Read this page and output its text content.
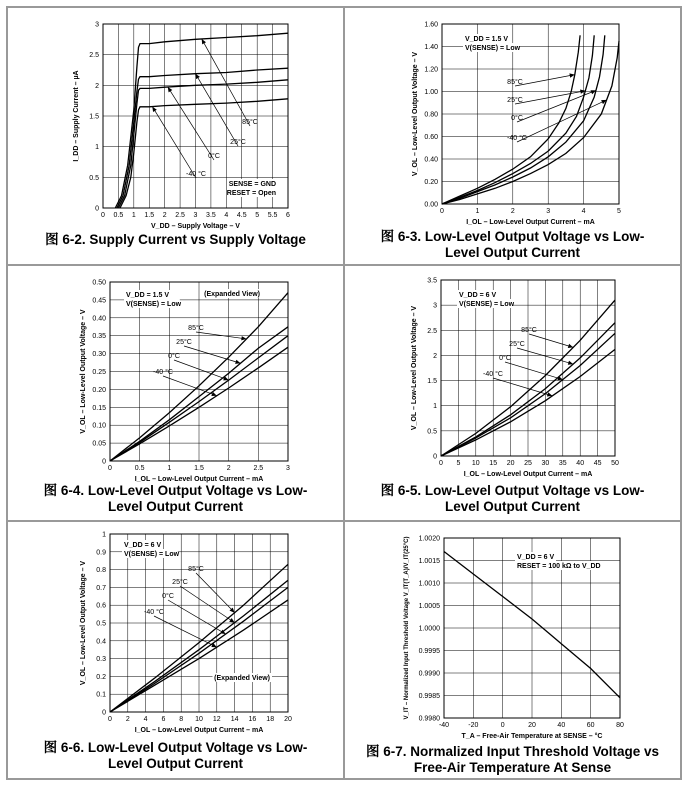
0 0.5 1 1.5 2 2.5 3 3.5 4 4.5 5 5.5 6
0
0.5
1
1.5
2
2.5
3
V_DD – Supply Voltage – V
I_DD – Supply Current – µA	85°C
25°C
0°C
-40 °C
SENSE = GND
RESET = Open
图 6-2. Supply Current vs Supply Voltage
0	1	2	3	4	5
0.00
0.20
0.40
0.60
0.80
1.00
1.20
1.40
1.60
I_OL – Low-Level Output Current – mA
V_OL – Low-Level Output Voltage – V
V_DD = 1.5 V
V(SENSE) = Low
85°C
25°C
0°C
-40 °C
图 6-3. Low-Level Output Voltage vs Low-Level Output Current
0	0.5	1	1.5	2	2.5	3
0
0.05
0.10
0.15
0.20
0.25
0.30
0.35
0.40
0.45
0.50
I_OL – Low-Level Output Current – mA
V_OL – Low-Level Output Voltage – V
V_DD = 1.5 V
V(SENSE) = Low
(Expanded View)
85°C
25°C
0°C
-40 °C
图 6-4. Low-Level Output Voltage vs Low-Level Output Current
0 5 10 15 20 25 30 35 40 45 50
0
0.5
1
1.5
2
2.5
3
3.5
I_OL – Low-Level Output Current – mA
V_OL – Low-Level Output Voltage – V
V_DD = 6 V
V(SENSE) = Low
85°C
25°C
0°C
-40 °C
图 6-5. Low-Level Output Voltage vs Low-Level Output Current
0 2 4 6 8 10 12 14 16 18 20
0
0.1
0.2
0.3
0.4
0.5
0.6
0.7
0.8
0.9
1
I_OL – Low-Level Output Current – mA
V_OL – Low-Level Output Voltage – V
V_DD = 6 V
V(SENSE) = Low
(Expanded View)
85°C
25°C
0°C
-40 °C
图 6-6. Low-Level Output Voltage vs Low-Level Output Current
-40	-20	0	20	40	60	80
0.9980
0.9985
0.9990
0.9995
1.0000
1.0005
1.0010
1.0015
1.0020
T_A – Free-Air Temperature at SENSE – °C
V_IT – Normalized Input Threshold Voltage V_IT(T_A)/V_IT(25°C)	V_DD = 6 V
RESET = 100 kΩ to V_DD
图 6-7. Normalized Input Threshold Voltage vs Free-Air Temperature At Sense
